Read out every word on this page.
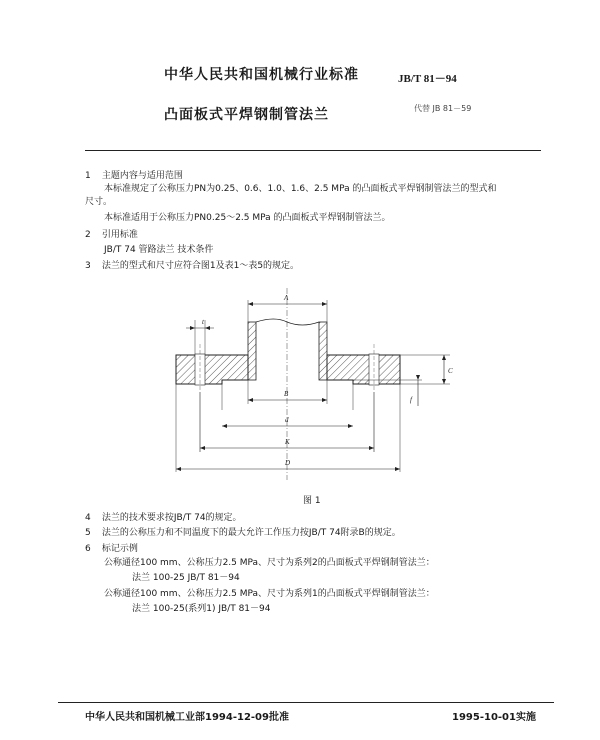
中华人民共和国机械行业标准	JB/T 81－94
凸面板式平焊钢制管法兰	代替 JB 81－59
1 主题内容与适用范围
本标准规定了公称压力PN为0.25、0.6、1.0、1.6、2.5 MPa 的凸面板式平焊钢制管法兰的型式和
尺寸。
本标准适用于公称压力PN0.25～2.5 MPa 的凸面板式平焊钢制管法兰。
2 引用标准
JB/T 74 管路法兰 技术条件
3 法兰的型式和尺寸应符合图1及表1～表5的规定。
A
t
B
d
K
D
C
f
图 1
4 法兰的技术要求按JB/T 74的规定。
5 法兰的公称压力和不同温度下的最大允许工作压力按JB/T 74附录B的规定。
6 标记示例
公称通径100 mm、公称压力2.5 MPa、尺寸为系列2的凸面板式平焊钢制管法兰：
法兰 100-25 JB/T 81－94
公称通径100 mm、公称压力2.5 MPa、尺寸为系列1的凸面板式平焊钢制管法兰：
法兰 100-25(系列1) JB/T 81－94
中华人民共和国机械工业部1994-12-09批准	1995-10-01实施
